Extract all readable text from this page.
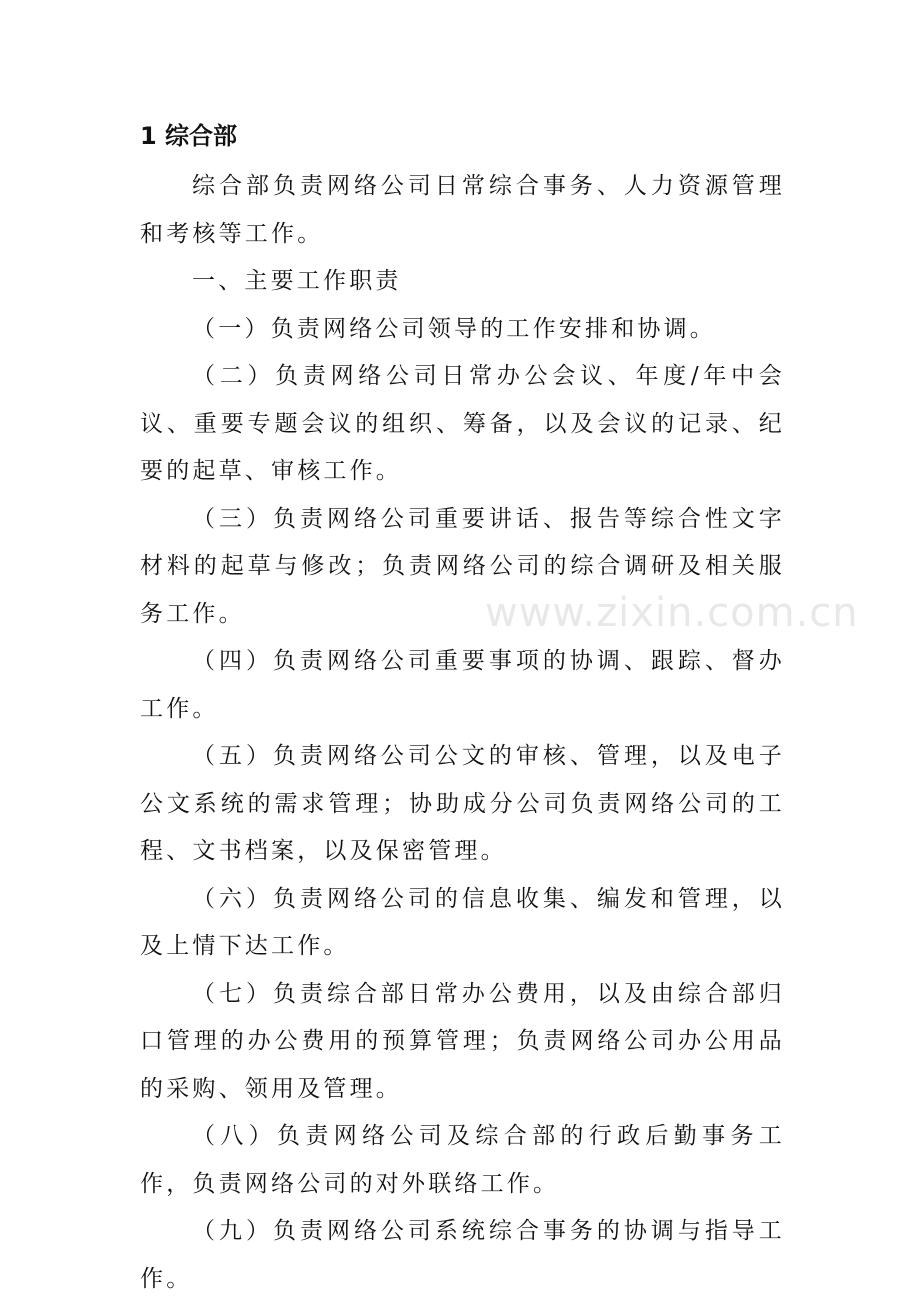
1 综合部

综合部负责网络公司日常综合事务、人力资源管理和考核等工作。

一、主要工作职责

（一）负责网络公司领导的工作安排和协调。

（二）负责网络公司日常办公会议、年度/年中会议、重要专题会议的组织、筹备，以及会议的记录、纪要的起草、审核工作。

（三）负责网络公司重要讲话、报告等综合性文字材料的起草与修改；负责网络公司的综合调研及相关服务工作。

（四）负责网络公司重要事项的协调、跟踪、督办工作。

（五）负责网络公司公文的审核、管理，以及电子公文系统的需求管理；协助成分公司负责网络公司的工程、文书档案，以及保密管理。

（六）负责网络公司的信息收集、编发和管理，以及上情下达工作。

（七）负责综合部日常办公费用，以及由综合部归口管理的办公费用的预算管理；负责网络公司办公用品的采购、领用及管理。

（八）负责网络公司及综合部的行政后勤事务工作，负责网络公司的对外联络工作。

（九）负责网络公司系统综合事务的协调与指导工作。

www.zixin.com.cn
